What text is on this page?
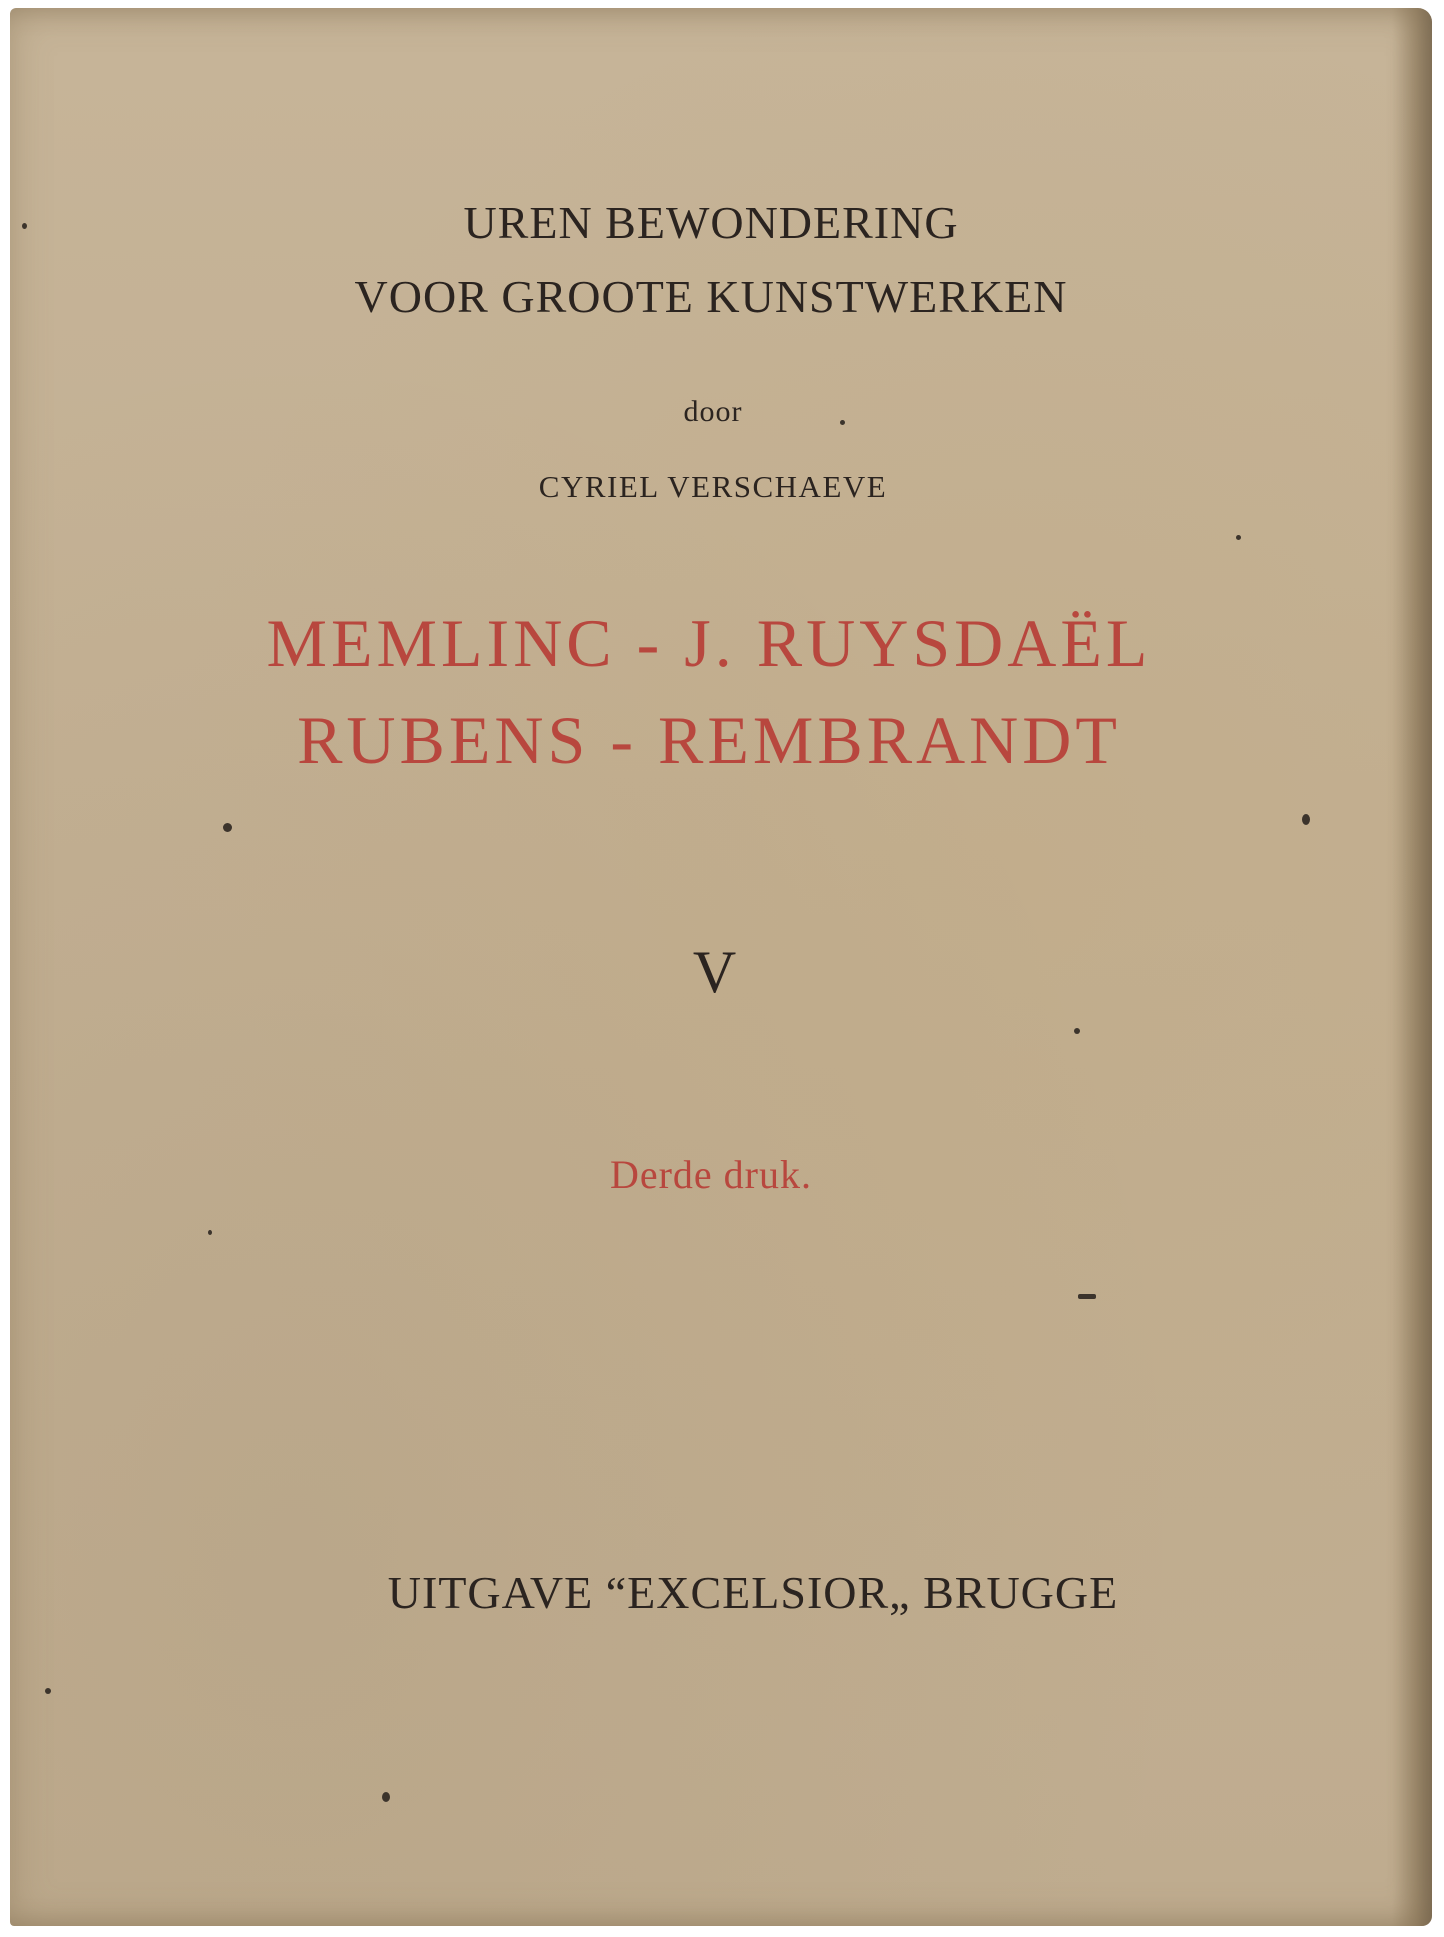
UREN BEWONDERING

VOOR GROOTE KUNSTWERKEN

door

CYRIEL VERSCHAEVE

MEMLINC - J. RUYSDAËL

RUBENS - REMBRANDT

V

Derde druk.

UITGAVE “EXCELSIOR„ BRUGGE
